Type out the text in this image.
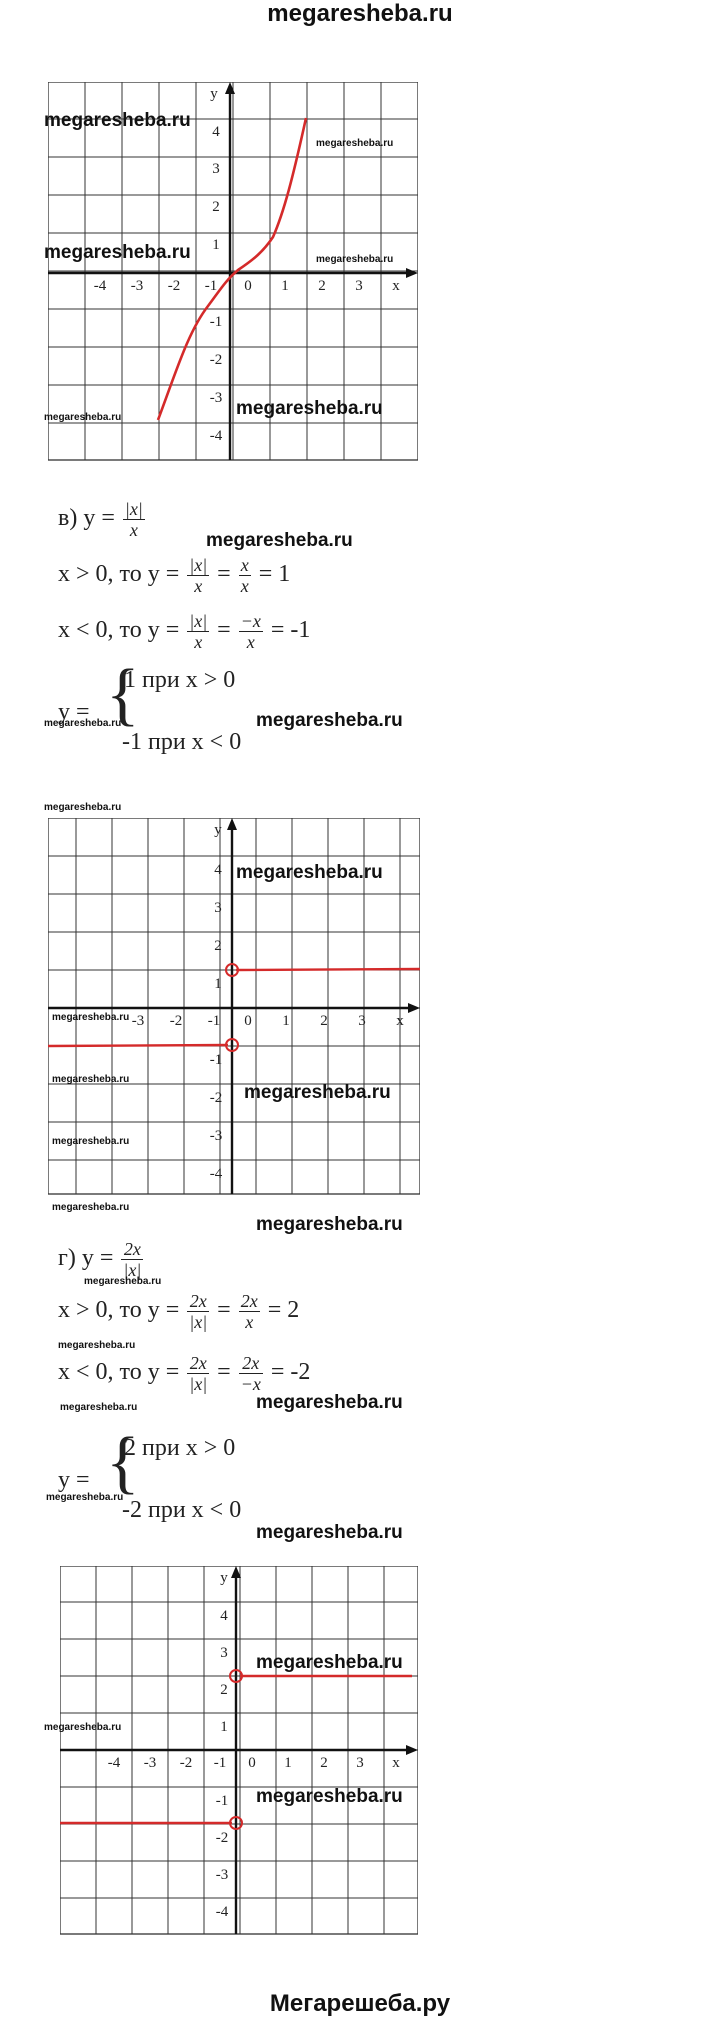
megaresheba.ru
-4 -3 -2 -1 0 1 2 3 x
y
4
3
2
1
-1
-2
-3
-4
megaresheba.ru
megaresheba.ru
megaresheba.ru	megaresheba.ru
megaresheba.ru	megaresheba.ru
в) $y = \frac{|x|}{x}$
megaresheba.ru
x > 0, то $y = \frac{|x|}{x} = \frac{x}{x} = 1$
x < 0, то $y = \frac{|x|}{x} = \frac{-x}{x} = -1$
y = {
1 при x > 0
-1 при x < 0
megaresheba.ru	megaresheba.ru
megaresheba.ru
-3 -2 -1 0 1 2 3 x
y
4
3
2
1
-1
-2
-3
-4
megaresheba.ru
megaresheba.ru
megaresheba.ru
megaresheba.ru
megaresheba.ru
megaresheba.ru
megaresheba.ru
г) $y = \frac{2x}{|x|}$
megaresheba.ru
x > 0, то $y = \frac{2x}{|x|} = \frac{2x}{x} = 2$
megaresheba.ru
x < 0, то $y = \frac{2x}{|x|} = \frac{2x}{-x} = -2$
megaresheba.ru	megaresheba.ru
y = {
2 при x > 0
-2 при x < 0
megaresheba.ru
megaresheba.ru
-4 -3 -2 -1 0 1 2 3 x
y
4
3
2
1
-1
-2
-3
-4
megaresheba.ru
megaresheba.ru
megaresheba.ru
Мегарешеба.ру
